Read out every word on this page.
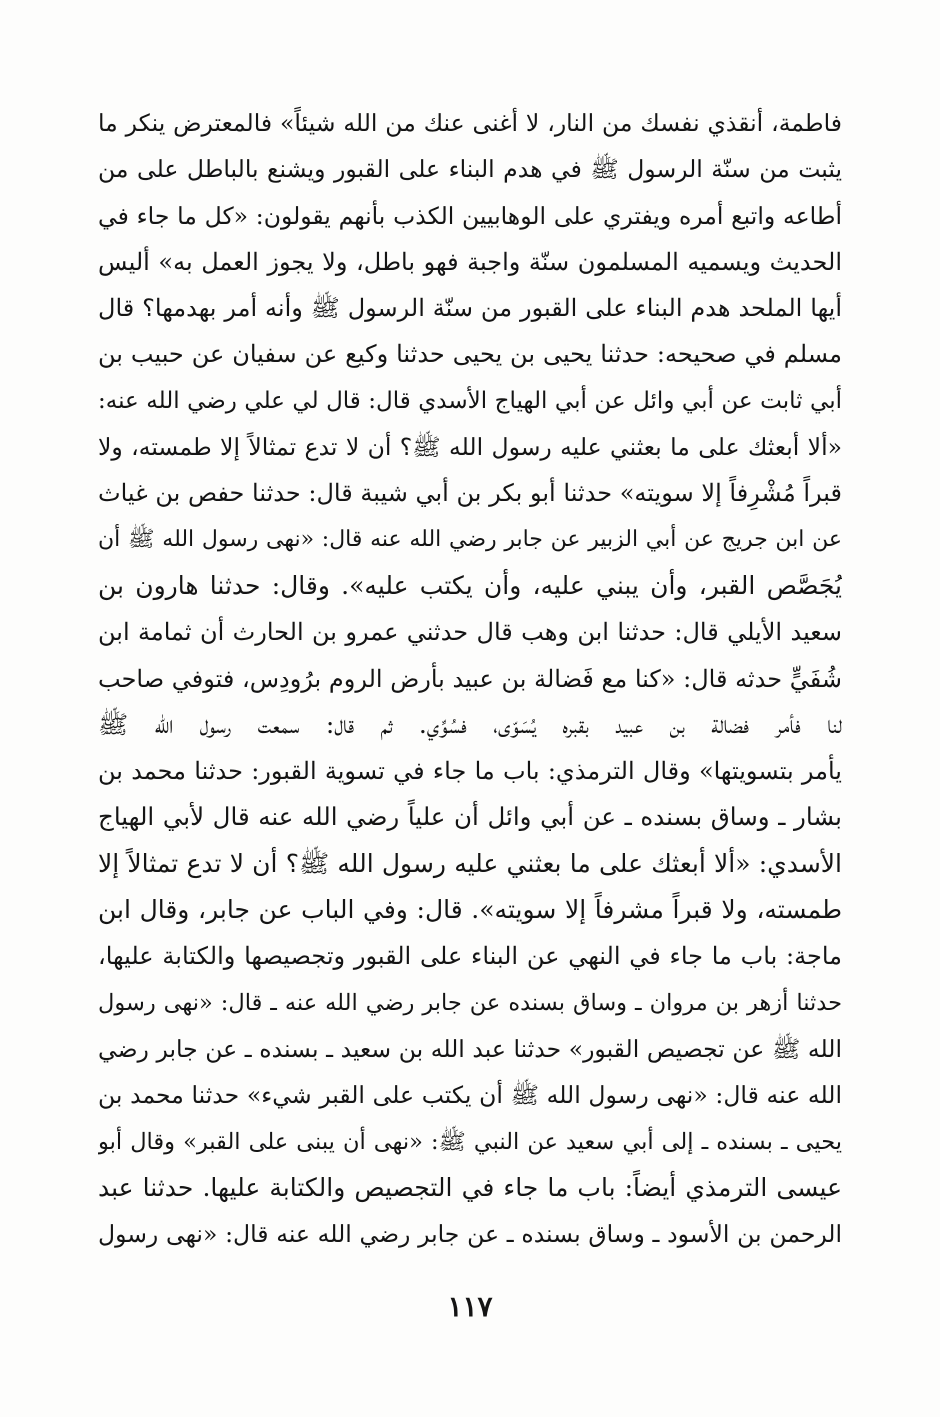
فاطمة، أنقذي نفسك من النار، لا أغنى عنك من الله شيئاً» فالمعترض ينكر ما
يثبت من سنّة الرسول ﷺ في هدم البناء على القبور ويشنع بالباطل على من
أطاعه واتبع أمره ويفتري على الوهابيين الكذب بأنهم يقولون: «كل ما جاء في
الحديث ويسميه المسلمون سنّة واجبة فهو باطل، ولا يجوز العمل به» أليس
أيها الملحد هدم البناء على القبور من سنّة الرسول ﷺ وأنه أمر بهدمها؟ قال
مسلم في صحيحه: حدثنا يحيى بن يحيى حدثنا وكيع عن سفيان عن حبيب بن
أبي ثابت عن أبي وائل عن أبي الهياج الأسدي قال: قال لي علي رضي الله عنه:
«ألا أبعثك على ما بعثني عليه رسول الله ﷺ؟ أن لا تدع تمثالاً إلا طمسته، ولا
قبراً مُشْرِفاً إلا سويته» حدثنا أبو بكر بن أبي شيبة قال: حدثنا حفص بن غياث
عن ابن جريج عن أبي الزبير عن جابر رضي الله عنه قال: «نهى رسول الله ﷺ أن
يُجَصَّص القبر، وأن يبني عليه، وأن يكتب عليه». وقال: حدثنا هارون بن
سعيد الأيلي قال: حدثنا ابن وهب قال حدثني عمرو بن الحارث أن ثمامة ابن
شُفَيٍّ حدثه قال: «كنا مع فَضالة بن عبيد بأرض الروم برُودِس، فتوفي صاحب
لنا فأمر فضالة بن عبيد بقبره يُسَوّى، فسُوِّي. ثم قال: سمعت رسول الله ﷺ
يأمر بتسويتها» وقال الترمذي: باب ما جاء في تسوية القبور: حدثنا محمد بن
بشار ـ وساق بسنده ـ عن أبي وائل أن علياً رضي الله عنه قال لأبي الهياج
الأسدي: «ألا أبعثك على ما بعثني عليه رسول الله ﷺ؟ أن لا تدع تمثالاً إلا
طمسته، ولا قبراً مشرفاً إلا سويته». قال: وفي الباب عن جابر، وقال ابن
ماجة: باب ما جاء في النهي عن البناء على القبور وتجصيصها والكتابة عليها،
حدثنا أزهر بن مروان ـ وساق بسنده عن جابر رضي الله عنه ـ قال: «نهى رسول
الله ﷺ عن تجصيص القبور» حدثنا عبد الله بن سعيد ـ بسنده ـ عن جابر رضي
الله عنه قال: «نهى رسول الله ﷺ أن يكتب على القبر شيء» حدثنا محمد بن
يحيى ـ بسنده ـ إلى أبي سعيد عن النبي ﷺ: «نهى أن يبنى على القبر» وقال أبو
عيسى الترمذي أيضاً: باب ما جاء في التجصيص والكتابة عليها. حدثنا عبد
الرحمن بن الأسود ـ وساق بسنده ـ عن جابر رضي الله عنه قال: «نهى رسول
١١٧
